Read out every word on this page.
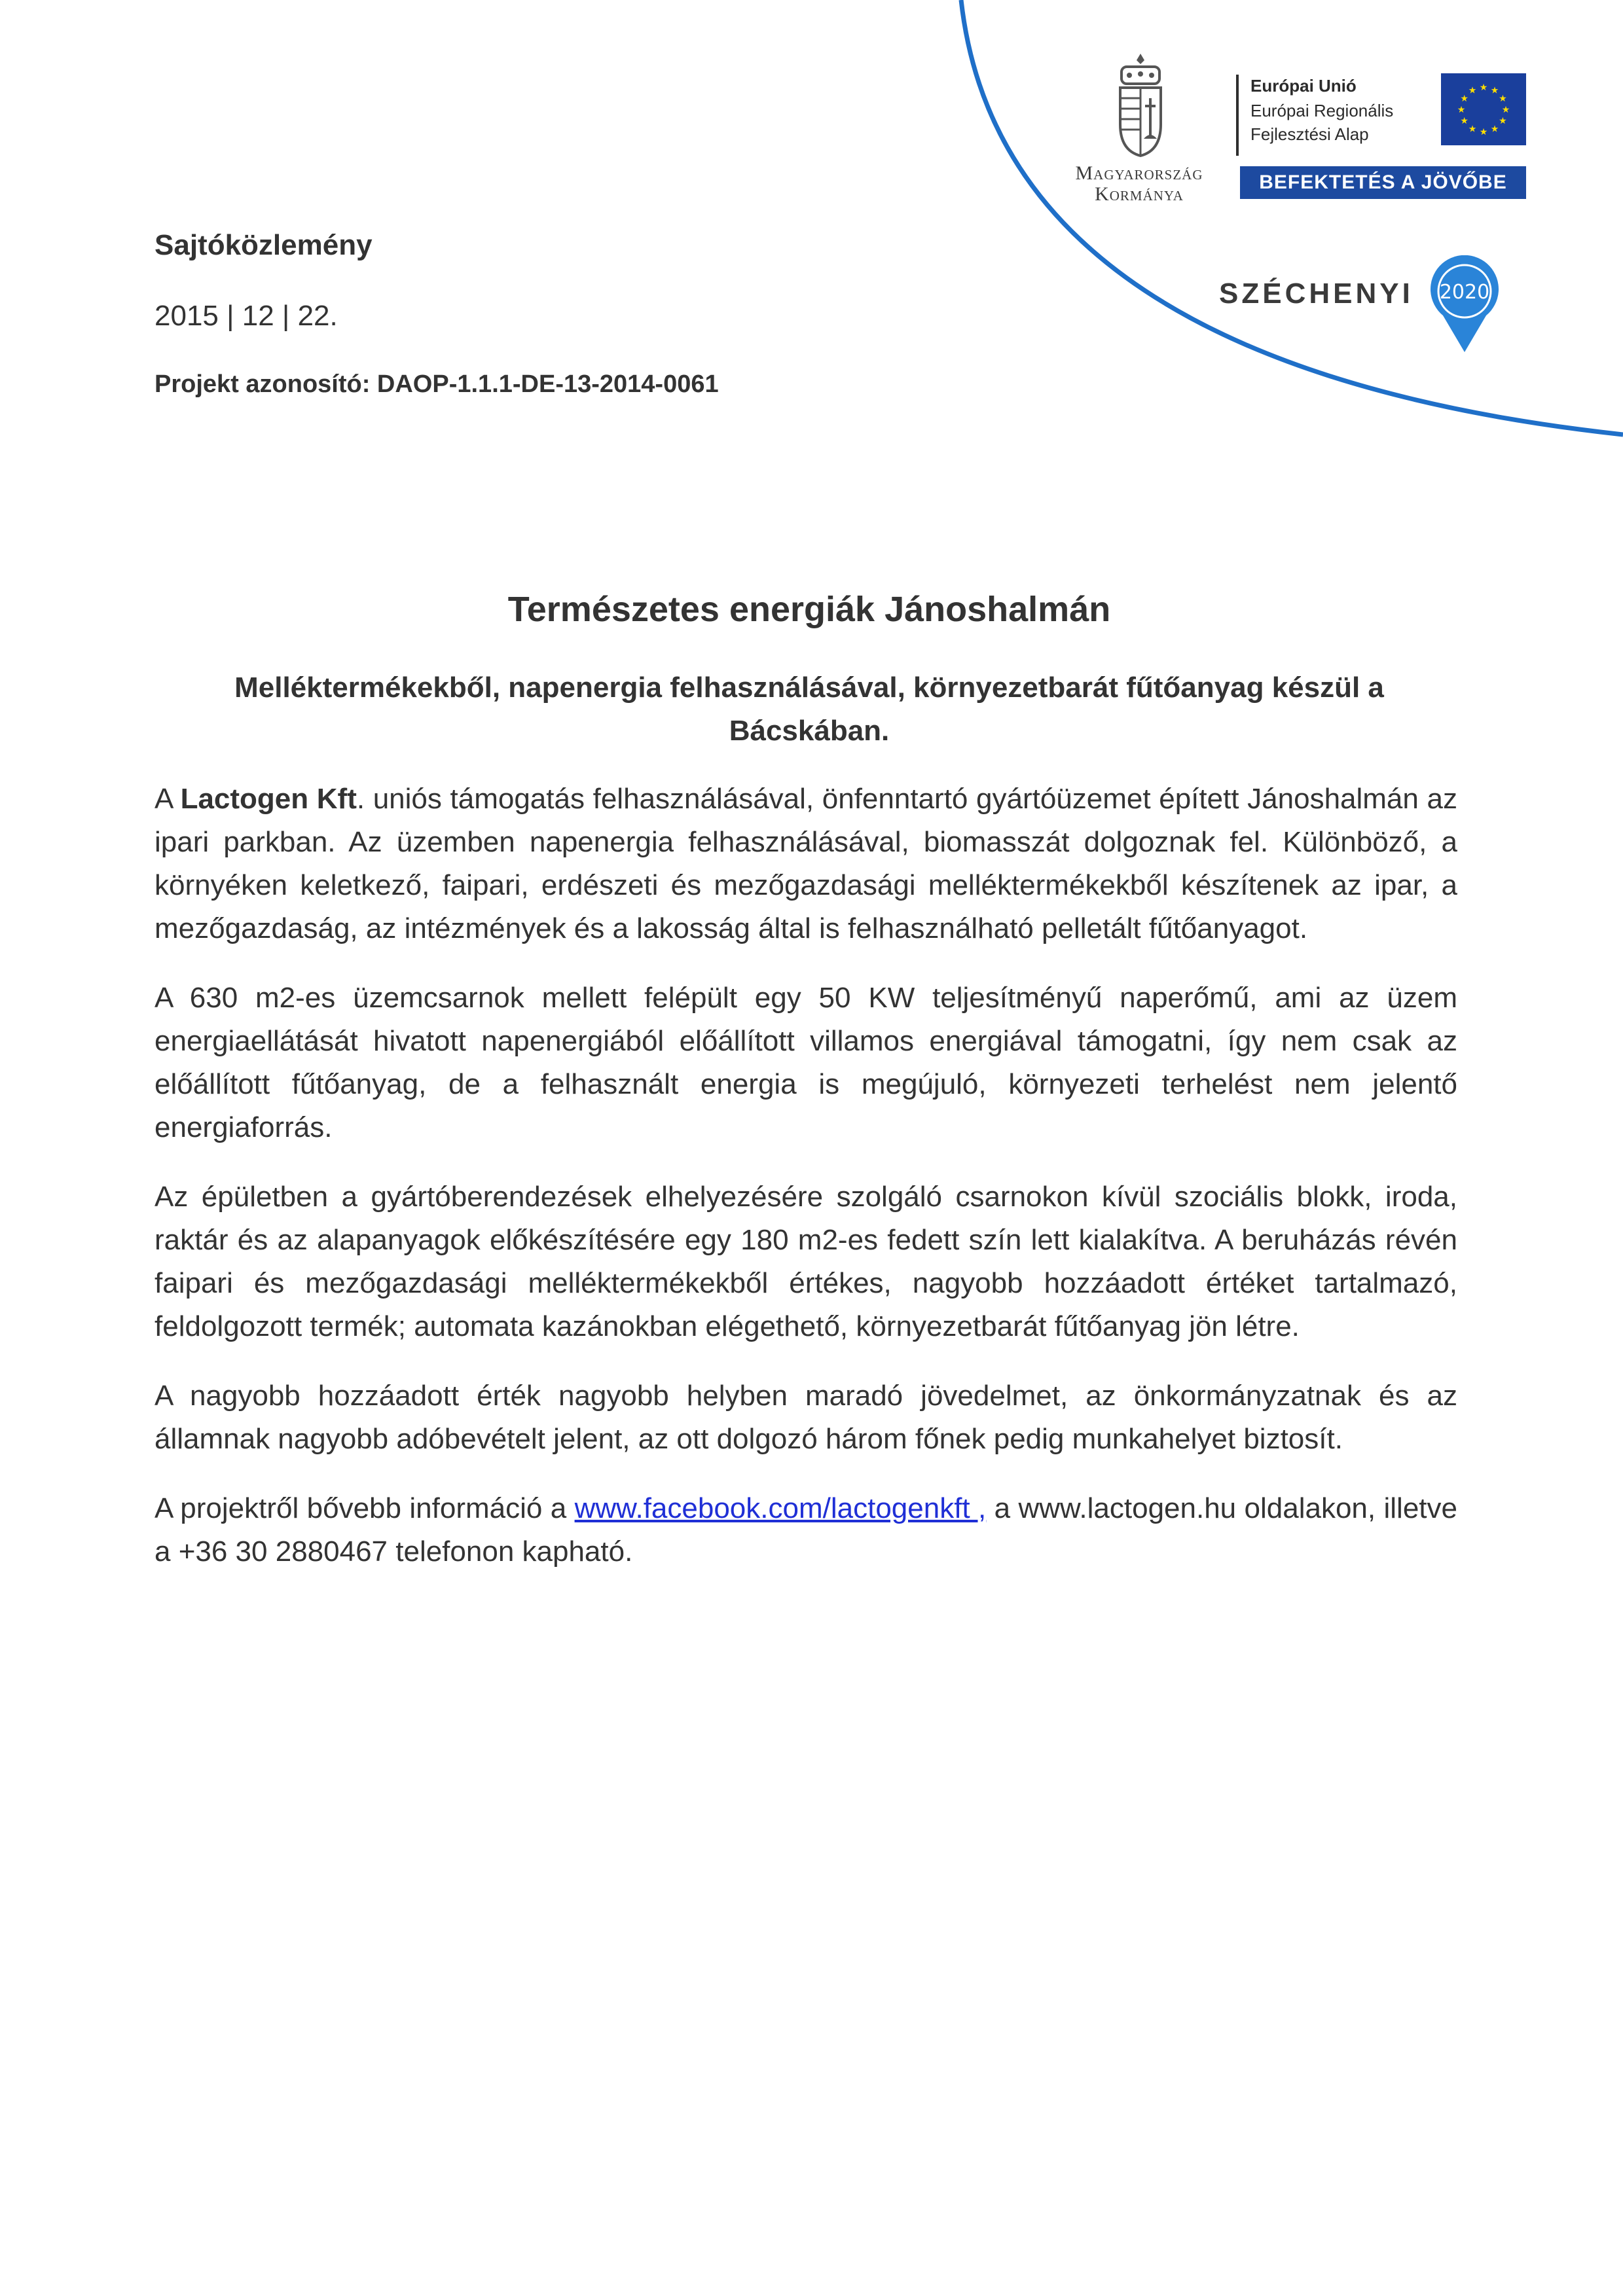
Magyarország
Kormánya
Európai Unió
Európai Regionális
Fejlesztési Alap
★ ★
★
★
★
★
★
★
★
★
★
★
BEFEKTETÉS A JÖVŐBE
SZÉCHENYI 2020
Sajtóközlemény
2015 | 12 | 22.
Projekt azonosító: DAOP-1.1.1-DE-13-2014-0061
Természetes energiák Jánoshalmán
Melléktermékekből, napenergia felhasználásával, környezetbarát fűtőanyag készül a Bácskában.

A Lactogen Kft. uniós támogatás felhasználásával, önfenntartó gyártóüzemet épített Jánoshalmán az ipari parkban. Az üzemben napenergia felhasználásával, biomasszát dolgoznak fel. Különböző, a környéken keletkező, faipari, erdészeti és mezőgazdasági melléktermékekből készítenek az ipar, a mezőgazdaság, az intézmények és a lakosság által is felhasználható pelletált fűtőanyagot.

A 630 m2-es üzemcsarnok mellett felépült egy 50 KW teljesítményű naperőmű, ami az üzem energiaellátását hivatott napenergiából előállított villamos energiával támogatni, így nem csak az előállított fűtőanyag, de a felhasznált energia is megújuló, környezeti terhelést nem jelentő energiaforrás.

Az épületben a gyártóberendezések elhelyezésére szolgáló csarnokon kívül szociális blokk, iroda, raktár és az alapanyagok előkészítésére egy 180 m2-es fedett szín lett kialakítva. A beruházás révén faipari és mezőgazdasági melléktermékekből értékes, nagyobb hozzáadott értéket tartalmazó, feldolgozott termék; automata kazánokban elégethető, környezetbarát fűtőanyag jön létre.

A nagyobb hozzáadott érték nagyobb helyben maradó jövedelmet, az önkormányzatnak és az államnak nagyobb adóbevételt jelent, az ott dolgozó három főnek pedig munkahelyet biztosít.

A projektről bővebb információ a www.facebook.com/lactogenkft , a www.lactogen.hu oldalakon, illetve a +36 30 2880467 telefonon kapható.
